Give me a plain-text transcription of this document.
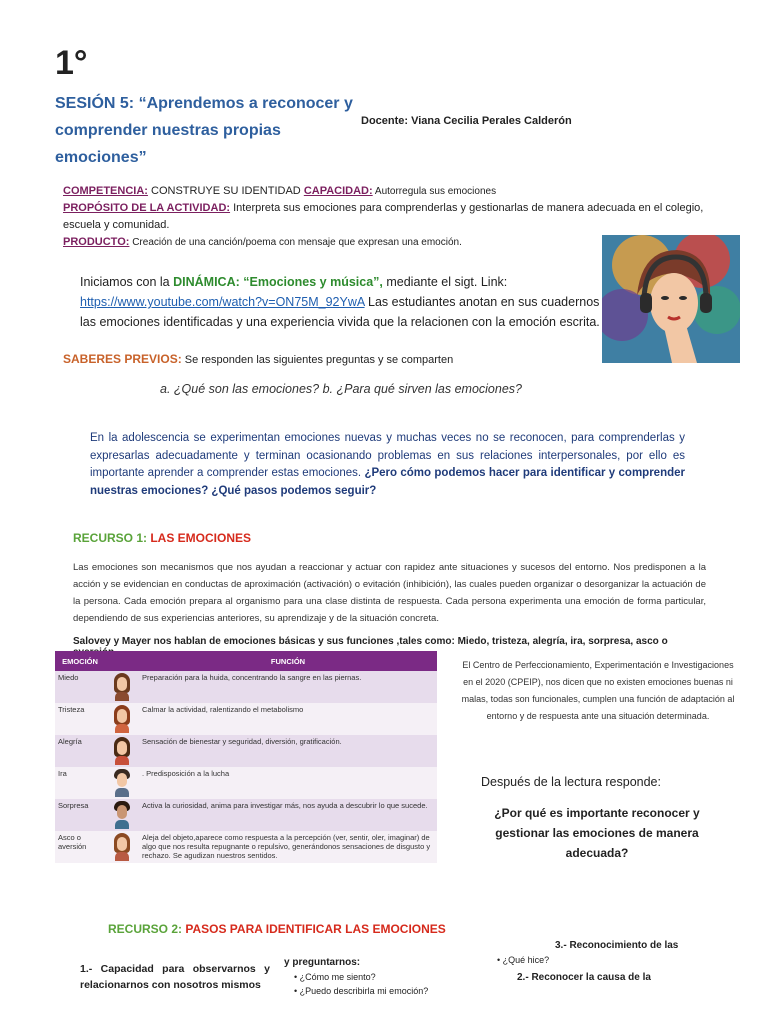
1°
SESIÓN 5: “Aprendemos a reconocer y comprender nuestras propias emociones”
Docente: Viana Cecilia Perales Calderón
COMPETENCIA: CONSTRUYE SU IDENTIDAD CAPACIDAD: Autorregula sus emociones
PROPÓSITO DE LA ACTIVIDAD: Interpreta sus emociones para comprenderlas y gestionarlas de manera adecuada en el colegio, escuela y comunidad.
PRODUCTO: Creación de una canción/poema con mensaje que expresan una emoción.
Iniciamos con la DINÁMICA: “Emociones y música”, mediante el sigt. Link:
https://www.youtube.com/watch?v=ON75M_92YwA Las estudiantes anotan en sus cuadernos las emociones identificadas y una experiencia vivida que la relacionen con la emoción escrita.
SABERES PREVIOS: Se responden las siguientes preguntas y se comparten
a. ¿Qué son las emociones? b. ¿Para qué sirven las emociones?
En la adolescencia se experimentan emociones nuevas y muchas veces no se reconocen, para comprenderlas y expresarlas adecuadamente y terminan ocasionando problemas en sus relaciones interpersonales, por ello es importante aprender a comprender estas emociones. ¿Pero cómo podemos hacer para identificar y comprender nuestras emociones? ¿Qué pasos podemos seguir?
RECURSO 1: LAS EMOCIONES
Las emociones son mecanismos que nos ayudan a reaccionar y actuar con rapidez ante situaciones y sucesos del entorno. Nos predisponen a la acción y se evidencian en conductas de aproximación (activación) o evitación (inhibición), las cuales pueden organizar o desorganizar la actuación de la persona. Cada emoción prepara al organismo para una clase distinta de respuesta. Cada persona experimenta una emoción de forma particular, dependiendo de sus experiencias anteriores, su aprendizaje y de la situación concreta.
Salovey y Mayer nos hablan de emociones básicas y sus funciones ,tales como: Miedo, tristeza, alegría, ira, sorpresa, asco o
EMOCIÓN		FUNCIÓN
Miedo		Preparación para la huida, concentrando la sangre en las piernas.
Tristeza		Calmar la actividad, ralentizando el metabolismo
Alegría		Sensación de bienestar y seguridad, diversión, gratificación.
Ira		. Predisposición a la lucha
Sorpresa		Activa la curiosidad, anima para investigar más, nos ayuda a descubrir lo que sucede.
Asco o aversión		Aleja del objeto,aparece como respuesta a la percepción (ver, sentir, oler, imaginar) de algo que nos resulta repugnante o repulsivo, generándonos sensaciones de disgusto y rechazo. Se agudizan nuestros sentidos.
El Centro de Perfeccionamiento, Experimentación e Investigaciones en el 2020 (CPEIP), nos dicen que no existen emociones buenas ni malas, todas son funcionales, cumplen una función de adaptación al entorno y de respuesta ante una situación determinada.
Después de la lectura responde:
¿Por qué es importante reconocer y gestionar las emociones de manera adecuada?
RECURSO 2: PASOS PARA IDENTIFICAR LAS EMOCIONES
1.- Capacidad para observarnos y relacionarnos con nosotros mismos
y preguntarnos:
• ¿Cómo me siento?
• ¿Puedo describirla mi emoción?
3.- Reconocimiento de las
• ¿Qué hice?
2.- Reconocer la causa de la
